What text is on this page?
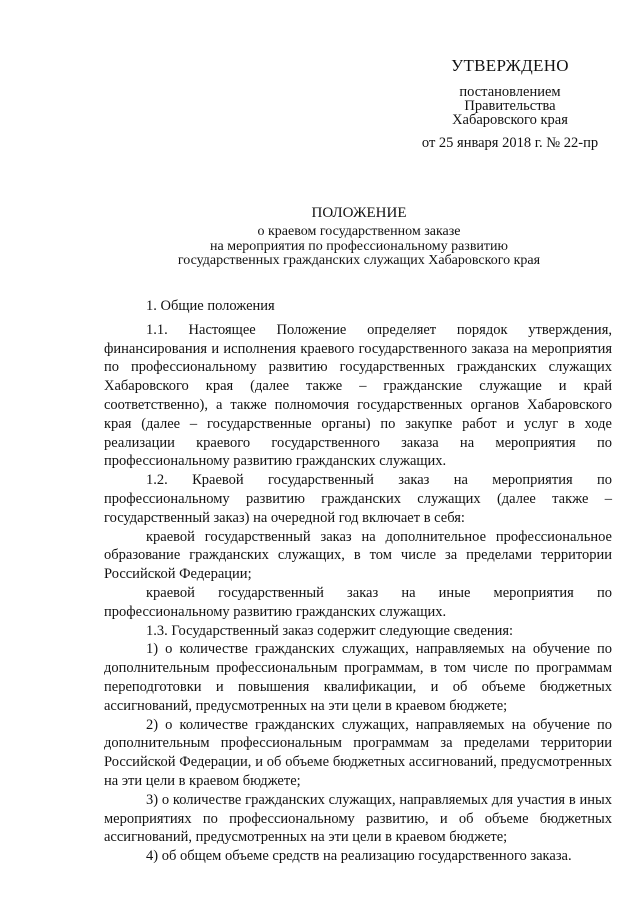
УТВЕРЖДЕНО
постановлением
Правительства
Хабаровского края
от 25 января 2018 г. № 22-пр
ПОЛОЖЕНИЕ
о краевом государственном заказе
на мероприятия по профессиональному развитию
государственных гражданских служащих Хабаровского края

1. Общие положения

1.1. Настоящее Положение определяет порядок утверждения, финансирования и исполнения краевого государственного заказа на мероприятия по профессиональному развитию государственных гражданских служащих Хабаровского края (далее также – гражданские служащие и край соответственно), а также полномочия государственных органов Хабаровского края (далее – государственные органы) по закупке работ и услуг в ходе реализации краевого государственного заказа на мероприятия по профессиональному развитию гражданских служащих.

1.2. Краевой государственный заказ на мероприятия по профессиональному развитию гражданских служащих (далее также – государственный заказ) на очередной год включает в себя:

краевой государственный заказ на дополнительное профессиональное образование гражданских служащих, в том числе за пределами территории Российской Федерации;

краевой государственный заказ на иные мероприятия по профессиональному развитию гражданских служащих.

1.3. Государственный заказ содержит следующие сведения:

1) о количестве гражданских служащих, направляемых на обучение по дополнительным профессиональным программам, в том числе по программам переподготовки и повышения квалификации, и об объеме бюджетных ассигнований, предусмотренных на эти цели в краевом бюджете;

2) о количестве гражданских служащих, направляемых на обучение по дополнительным профессиональным программам за пределами территории Российской Федерации, и об объеме бюджетных ассигнований, предусмотренных на эти цели в краевом бюджете;

3) о количестве гражданских служащих, направляемых для участия в иных мероприятиях по профессиональному развитию, и об объеме бюджетных ассигнований, предусмотренных на эти цели в краевом бюджете;

4) об общем объеме средств на реализацию государственного заказа.
